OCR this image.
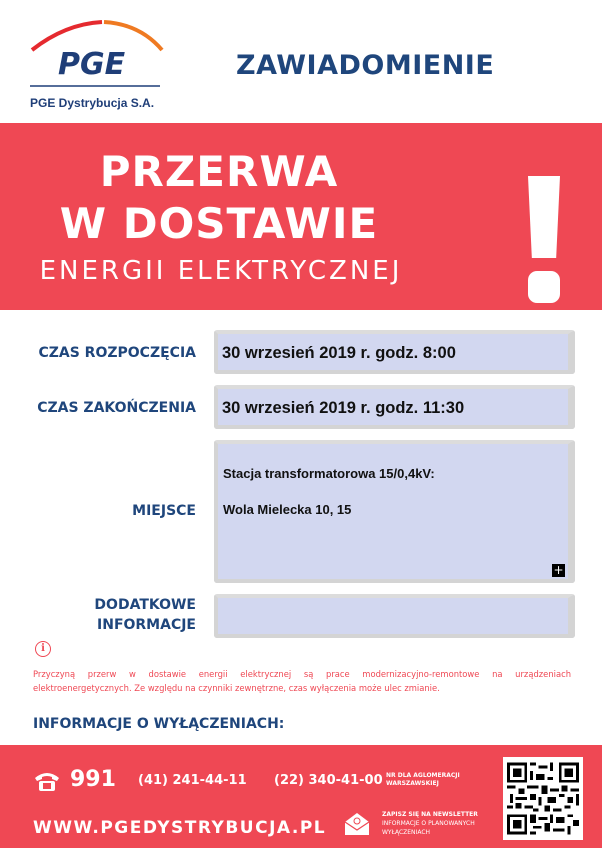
PGE
PGE Dystrybucja S.A.
ZAWIADOMIENIE
PRZERWA
W DOSTAWIE
ENERGII ELEKTRYCZNEJ
CZAS ROZPOCZĘCIA 30 wrzesień 2019 r. godz. 8:00
CZAS ZAKOŃCZENIA 30 wrzesień 2019 r. godz. 11:30
MIEJSCE
Stacja transformatorowa 15/0,4kV:
Wola Mielecka 10, 15
+
DODATKOWE
INFORMACJE
i
Przyczyną przerw w dostawie energii elektrycznej są prace modernizacyjno-remontowe na urządzeniach elektroenergetycznych. Ze względu na czynniki zewnętrzne, czas wyłączenia może ulec zmianie.
INFORMACJE O WYŁĄCZENIACH:
991 (41) 241-44-11 (22) 340-41-00 NR DLA AGLOMERACJI
WARSZAWSKIEJ
WWW.PGEDYSTRYBUCJA.PL
ZAPISZ SIĘ NA NEWSLETTER
INFORMACJE O PLANOWANYCH
WYŁĄCZENIACH
